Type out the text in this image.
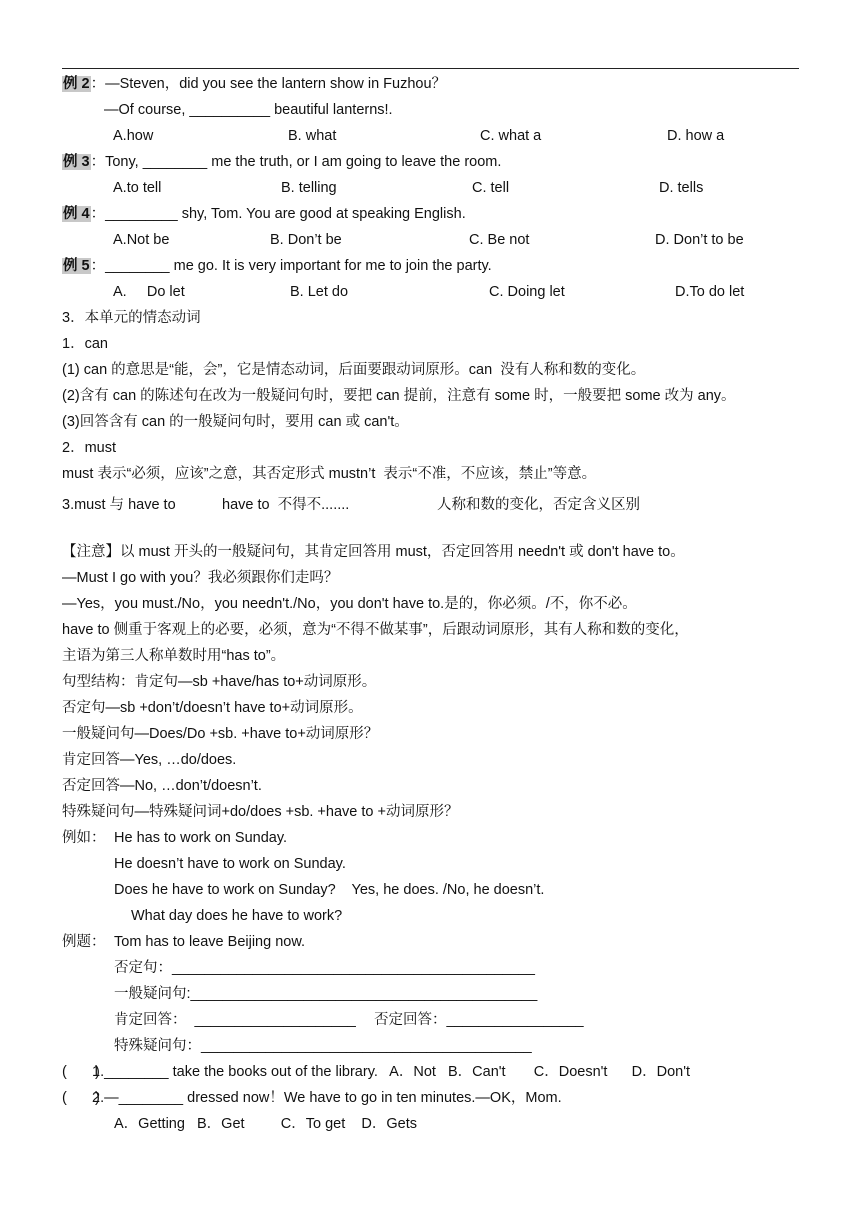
例 2：—Steven，did you see the lantern show in Fuzhou？
—Of course, __________ beautiful lanterns!.
A.how	B. what	C. what a	D. how a
例 3：Tony, ________ me the truth, or I am going to leave the room.
A.to tell	B. telling	C. tell	D. tells
例 4：_________ shy, Tom. You are good at speaking English.
A.Not be	B. Don’t be	C. Be not	D. Don’t to be
例 5：________ me go. It is very important for me to join the party.
A.     Do let	B. Let do	C. Doing let	D.To do let
3．本单元的情态动词
1．can
(1) can 的意思是“能，会”，它是情态动词，后面要跟动词原形。can  没有人称和数的变化。
(2)含有 can 的陈述句在改为一般疑问句时，要把 can 提前，注意有 some 时，一般要把 some 改为 any。
(3)回答含有 can 的一般疑问句时，要用 can 或 can't。
2．must
must 表示“必须，应该”之意，其否定形式 mustn’t  表示“不准，不应该，禁止”等意。
3.must 与 have to	have to  不得不.......	人称和数的变化，否定含义区别
【注意】以 must 开头的一般疑问句，其肯定回答用 must，否定回答用 needn't 或 don't have to。
—Must I go with you？我必须跟你们走吗？
—Yes，you must./No，you needn't./No，you don't have to.是的，你必须。/不，你不必。
have to 侧重于客观上的必要，必须，意为“不得不做某事”，后跟动词原形，其有人称和数的变化，
主语为第三人称单数时用“has to”。
句型结构：肯定句—sb +have/has to+动词原形。
否定句—sb +don’t/doesn’t have to+动词原形。
一般疑问句—Does/Do +sb. +have to+动词原形？
肯定回答—Yes, …do/does.
否定回答—No, …don’t/doesn’t.
特殊疑问句—特殊疑问词+do/does +sb. +have to +动词原形？
例如： He has to work on Sunday.
He doesn’t have to work on Sunday.
Does he have to work on Sunday?    Yes, he does. /No, he doesn’t.
What day does he have to work?
例题： Tom has to leave Beijing now.
否定句：_____________________________________________
一般疑问句:___________________________________________
肯定回答：  ____________________ 否定回答：_________________
特殊疑问句：_________________________________________
(       )
1.________ take the books out of the library.   A．Not   B．Can't       C．Doesn't      D．Don't
(       )
2.—________ dressed now！We have to go in ten minutes.—OK，Mom.
A．Getting   B．Get         C．To get    D．Gets
